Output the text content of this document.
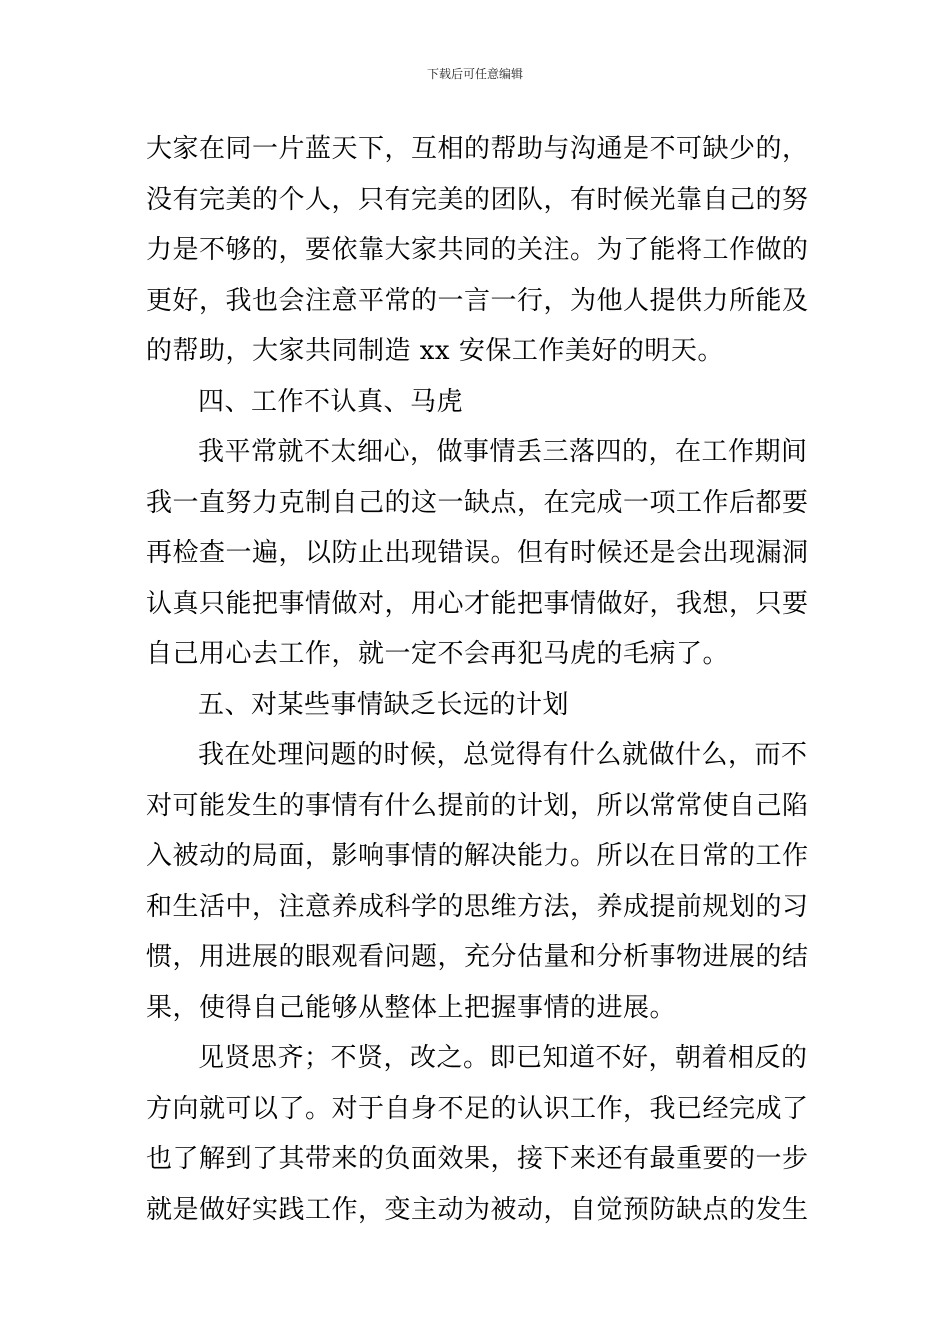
下载后可任意编辑
大家在同一片蓝天下，互相的帮助与沟通是不可缺少的，
没有完美的个人，只有完美的团队，有时候光靠自己的努
力是不够的，要依靠大家共同的关注。为了能将工作做的
更好，我也会注意平常的一言一行，为他人提供力所能及
的帮助，大家共同制造 xx 安保工作美好的明天。
四、工作不认真、马虎
我平常就不太细心，做事情丢三落四的，在工作期间
我一直努力克制自己的这一缺点，在完成一项工作后都要
再检查一遍，以防止出现错误。但有时候还是会出现漏洞
认真只能把事情做对，用心才能把事情做好，我想，只要
自己用心去工作，就一定不会再犯马虎的毛病了。
五、对某些事情缺乏长远的计划
我在处理问题的时候，总觉得有什么就做什么，而不
对可能发生的事情有什么提前的计划，所以常常使自己陷
入被动的局面，影响事情的解决能力。所以在日常的工作
和生活中，注意养成科学的思维方法，养成提前规划的习
惯，用进展的眼观看问题，充分估量和分析事物进展的结
果，使得自己能够从整体上把握事情的进展。
见贤思齐；不贤，改之。即已知道不好，朝着相反的
方向就可以了。对于自身不足的认识工作，我已经完成了
也了解到了其带来的负面效果，接下来还有最重要的一步
就是做好实践工作，变主动为被动，自觉预防缺点的发生
